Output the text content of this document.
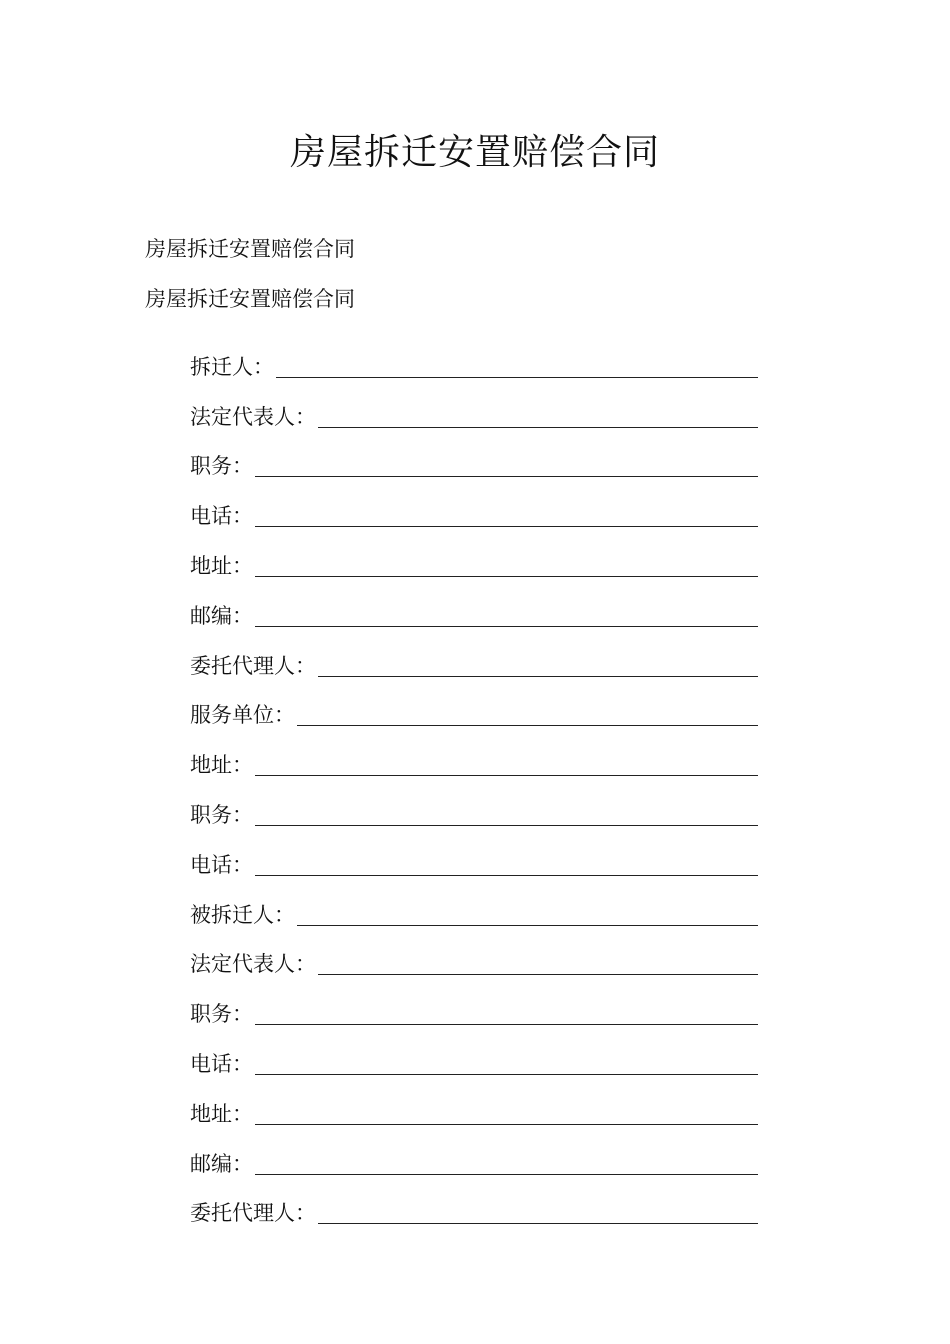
房屋拆迁安置赔偿合同
房屋拆迁安置赔偿合同
房屋拆迁安置赔偿合同
拆迁人：
法定代表人：
职务：
电话：
地址：
邮编：
委托代理人：
服务单位：
地址：
职务：
电话：
被拆迁人：
法定代表人：
职务：
电话：
地址：
邮编：
委托代理人：
